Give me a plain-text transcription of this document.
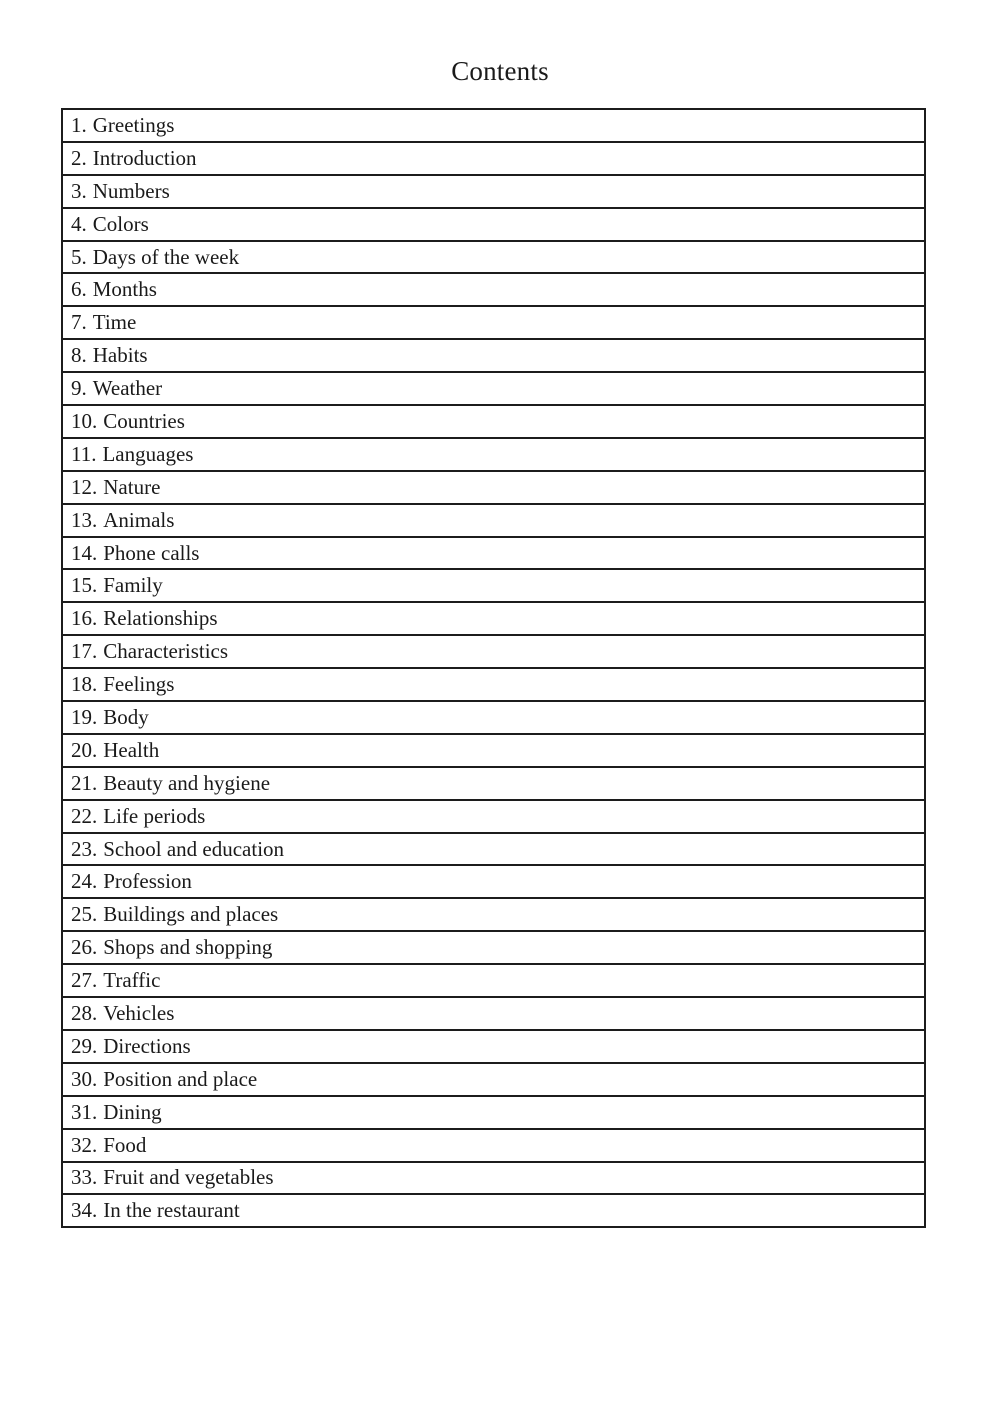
Contents
1. Greetings
2. Introduction
3. Numbers
4. Colors
5. Days of the week
6. Months
7. Time
8. Habits
9. Weather
10. Countries
11. Languages
12. Nature
13. Animals
14. Phone calls
15. Family
16. Relationships
17. Characteristics
18. Feelings
19. Body
20. Health
21. Beauty and hygiene
22. Life periods
23. School and education
24. Profession
25. Buildings and places
26. Shops and shopping
27. Traffic
28. Vehicles
29. Directions
30. Position and place
31. Dining
32. Food
33. Fruit and vegetables
34. In the restaurant
